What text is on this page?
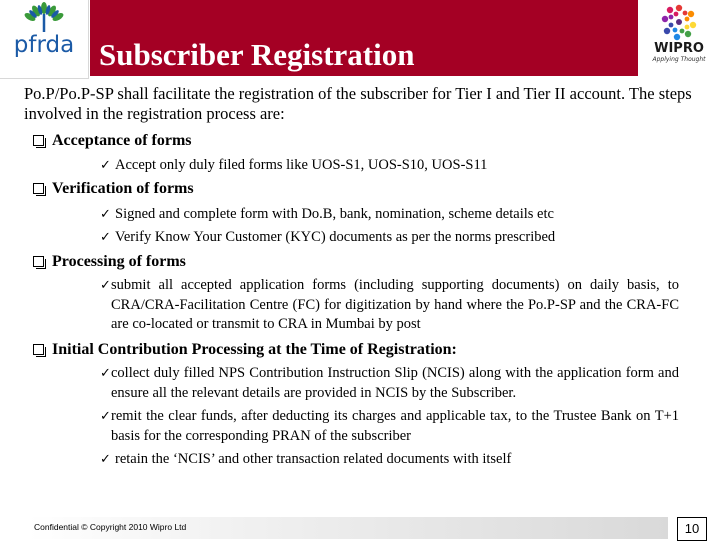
pfrda Subscriber Registration	WIPRO
Applying Thought
Po.P/Po.P-SP shall facilitate the registration of the subscriber for Tier I and Tier II account. The steps involved in the registration process are:
Acceptance of forms
✓ Accept only duly filed forms like UOS-S1, UOS-S10, UOS-S11
Verification of forms
✓ Signed and complete form with Do.B, bank, nomination, scheme details etc
✓ Verify Know Your Customer (KYC) documents as per the norms prescribed
Processing of forms
✓ submit all accepted application forms (including supporting documents) on daily basis, to CRA/CRA-Facilitation Centre (FC) for digitization by hand where the Po.P-SP and the CRA-FC are co-located or transmit to CRA in Mumbai by post
Initial Contribution Processing at the Time of Registration:
✓ collect duly filled NPS Contribution Instruction Slip (NCIS) along with the application form and ensure all the relevant details are provided in NCIS by the Subscriber.
✓ remit the clear funds, after deducting its charges and applicable tax, to the Trustee Bank on T+1 basis for the corresponding PRAN of the subscriber
✓ retain the ‘NCIS’ and other transaction related documents with itself
Confidential © Copyright 2010 Wipro Ltd	10
